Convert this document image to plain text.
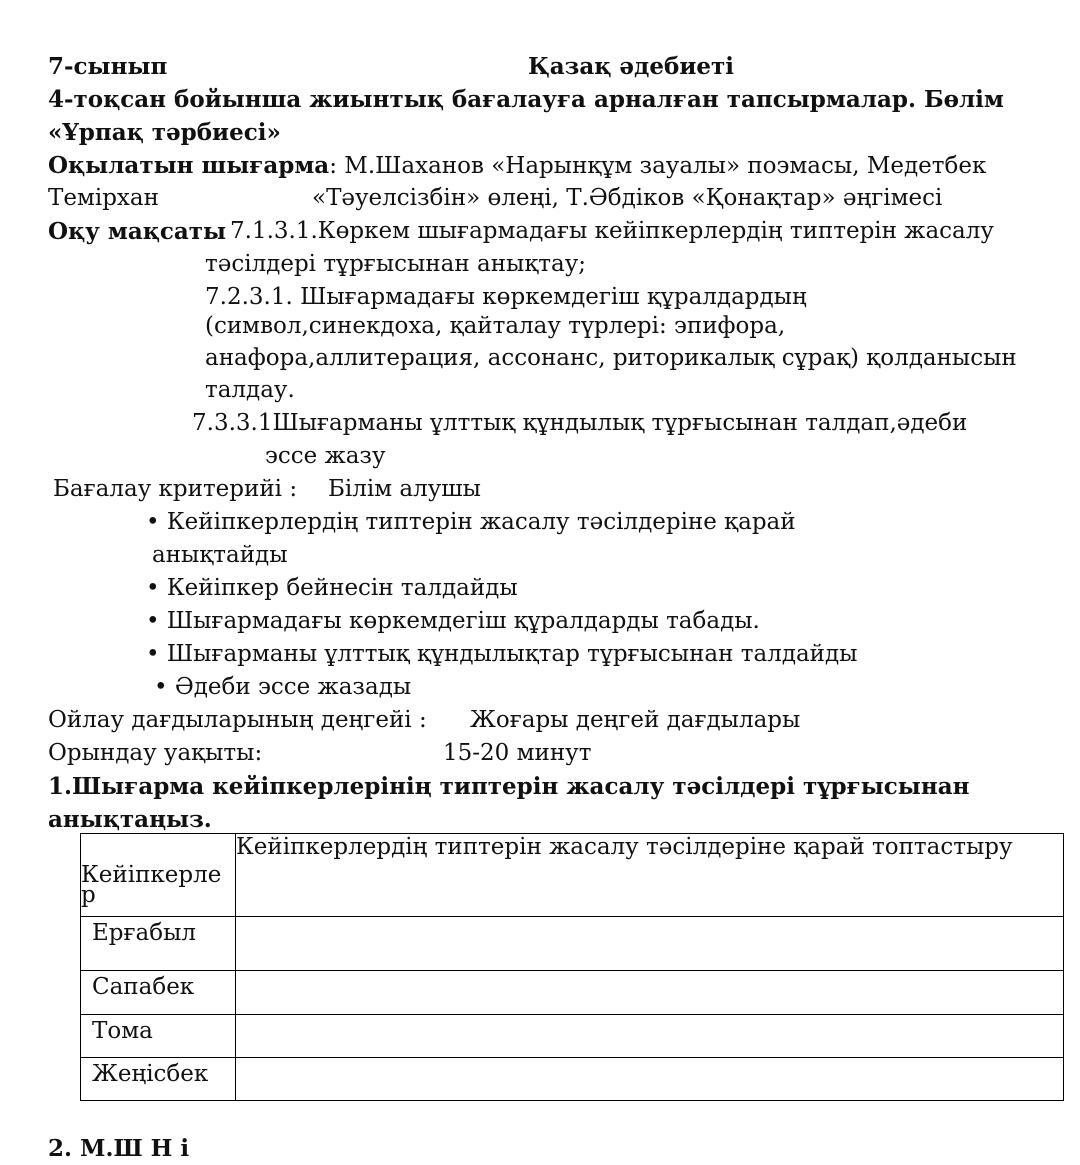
7-сынып	Қазақ әдебиеті
4-тоқсан бойынша жиынтық бағалауға арналған тапсырмалар. Бөлім
«Ұрпақ тәрбиесі»
Оқылатын шығарма: М.Шаханов «Нарынқұм зауалы» поэмасы, Медетбек
Темірхан	«Тәуелсізбін» өлеңі, Т.Әбдіков «Қонақтар» әңгімесі
Оқу мақсаты 7.1.3.1.Көркем шығармадағы кейіпкерлердің типтерін жасалу
тәсілдері тұрғысынан анықтау;
7.2.3.1. Шығармадағы көркемдегіш құралдардың
(символ,синекдоха, қайталау түрлері: эпифора,
анафора,аллитерация, ассонанс, риторикалық сұрақ) қолданысын
талдау.
7.3.3.1Шығарманы ұлттық құндылық тұрғысынан талдап,әдеби
эссе жазу
Бағалау критерийі : Білім алушы
• Кейіпкерлердің типтерін жасалу тәсілдеріне қарай
анықтайды
• Кейіпкер бейнесін талдайды
• Шығармадағы көркемдегіш құралдарды табады.
• Шығарманы ұлттық құндылықтар тұрғысынан талдайды
• Әдеби эссе жазады
Ойлау дағдыларының деңгейі : Жоғары деңгей дағдылары
Орындау уақыты:	15-20 минут
1.Шығарма кейіпкерлерінің типтерін жасалу тәсілдері тұрғысынан
анықтаңыз.
Кейіпкерле
р	Кейіпкерлердің типтерін жасалу тәсілдеріне қарай топтастыру

Ерғабыл	
Сапабек	
Тома	
Жеңісбек	
2. М.Ш Н і
